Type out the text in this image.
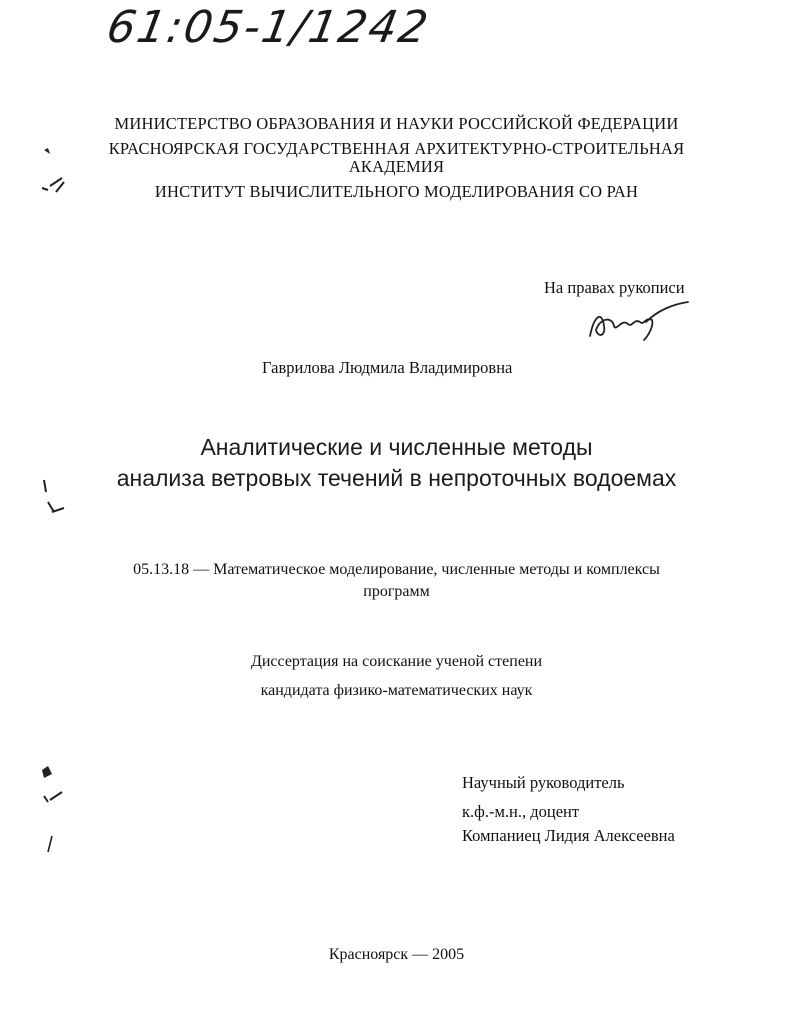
61:05-1/1242
МИНИСТЕРСТВО ОБРАЗОВАНИЯ И НАУКИ РОССИЙСКОЙ ФЕДЕРАЦИИ
КРАСНОЯРСКАЯ ГОСУДАРСТВЕННАЯ АРХИТЕКТУРНО-СТРОИТЕЛЬНАЯ
АКАДЕМИЯ
ИНСТИТУТ ВЫЧИСЛИТЕЛЬНОГО МОДЕЛИРОВАНИЯ СО РАН
На правах рукописи
Гаврилова Людмила Владимировна
Аналитические и численные методы
анализа ветровых течений в непроточных водоемах
05.13.18 — Математическое моделирование, численные методы и комплексы
программ
Диссертация на соискание ученой степени
кандидата физико-математических наук
Научный руководитель
к.ф.-м.н., доцент
Компаниец Лидия Алексеевна
Красноярск — 2005
